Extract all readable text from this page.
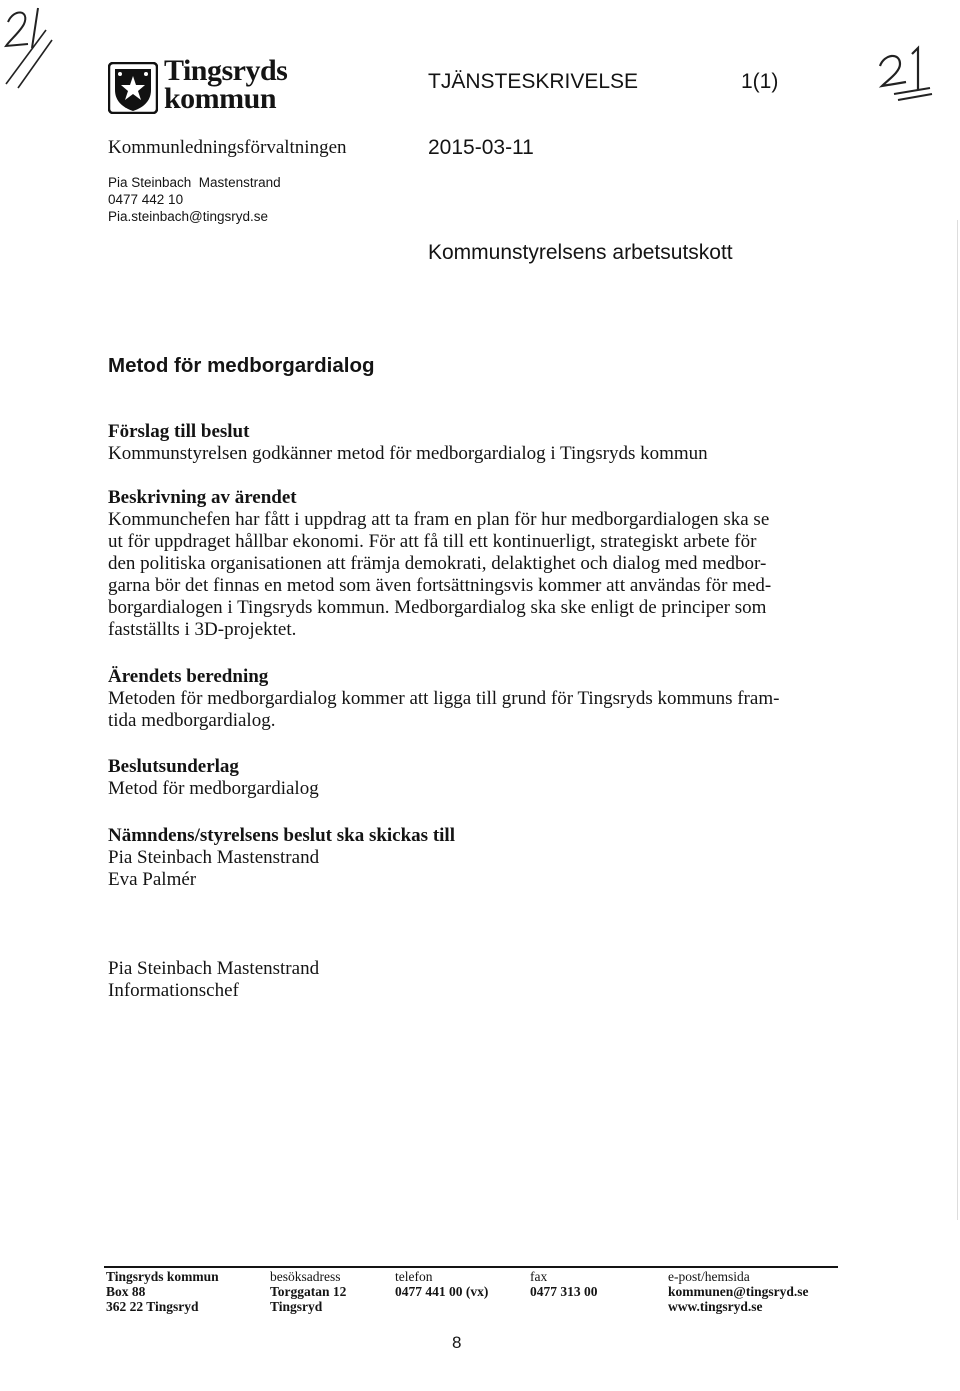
Tingsryds
kommun
TJÄNSTESKRIVELSE	1(1)
Kommunledningsförvaltningen	2015-03-11
Pia Steinbach  Mastenstrand
0477 442 10
Pia.steinbach@tingsryd.se
Kommunstyrelsens arbetsutskott
Metod för medborgardialog
Förslag till beslut
Kommunstyrelsen godkänner metod för medborgardialog i Tingsryds kommun
Beskrivning av ärendet
Kommunchefen har fått i uppdrag att ta fram en plan för hur medborgardialogen ska se
ut för uppdraget hållbar ekonomi. För att få till ett kontinuerligt, strategiskt arbete för
den politiska organisationen att främja demokrati, delaktighet och dialog med medbor-
garna bör det finnas en metod som även fortsättningsvis kommer att användas för med-
borgardialogen i Tingsryds kommun. Medborgardialog ska ske enligt de principer som
fastställts i 3D-projektet.
Ärendets beredning
Metoden för medborgardialog kommer att ligga till grund för Tingsryds kommuns fram-
tida medborgardialog.
Beslutsunderlag
Metod för medborgardialog
Nämndens/styrelsens beslut ska skickas till
Pia Steinbach Mastenstrand
Eva Palmér
Pia Steinbach Mastenstrand
Informationschef
Tingsryds kommun
Box 88
362 22 Tingsryd
besöksadress
Torggatan 12
Tingsryd
telefon
0477 441 00 (vx)
fax
0477 313 00
e-post/hemsida
kommunen@tingsryd.se
www.tingsryd.se
8
